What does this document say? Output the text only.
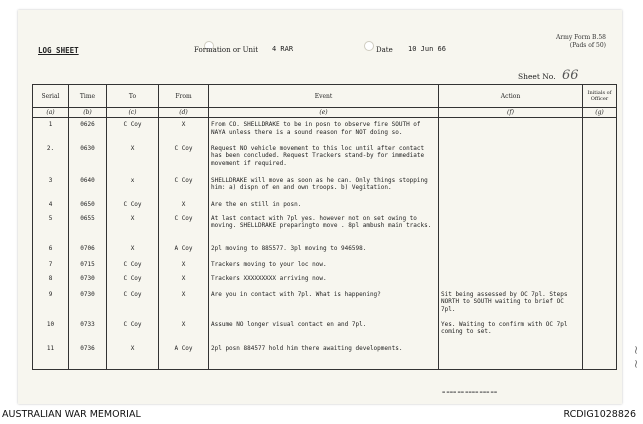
LOG SHEET	Formation or Unit 4 RAR	Date 10 Jun 66
Army Form B.58
(Pads of 50)
Sheet No. 66
Serial	Time	To	From	Event	Action	Initials of Officer
(a)	(b)	(c)	(d)	(e)	(f)	(g)
1	0626	C Coy	X	From CO. SHELLDRAKE to be in posn to observe fire SOUTH of NAYA unless there is a sound reason for NOT doing so.		
2.	0630	X	C Coy	Request NO vehicle movement to this loc until after contact has been concluded. Request Trackers stand-by for immediate movement if required.		
3	0640	x	C Coy	SHELLDRAKE will move as soon as he can. Only things stopping him: a) dispn of en and own troops. b) Vegitation.		
4	0650	C Coy	X	Are the en still in posn.		
5	0655	X	C Coy	At last contact with 7pl yes. however not on set owing to moving. SHELLDRAKE preparingto move . 8pl ambush main tracks.		
6	0706	X	A Coy	2pl moving to 885577. 3pl moving to 946598.		
7	0715	C Coy	X	Trackers moving to your loc now.		
8	0730	C Coy	X	Trackers XXXXXXXXX arriving now.		
9	0730	C Coy	X	Are you in contact with 7pl. What is happening?	Sit being assessed by OC 7pl. Steps NORTH to SOUTH waiting to brief OC 7pl.	
10	0733	C Coy	X	Assume NO longer visual contact en and 7pl.	Yes. Waiting to confirm with OC 7pl coming to set.	
11	0736	X	A Coy	2pl posn 884577 hold him there awaiting developments.		
▬ ▬▬▬ ▬▬ ▬▬▬▬ ▬▬▬ ▬▬
~ ~
AUSTRALIAN WAR MEMORIAL	RCDIG1028826
